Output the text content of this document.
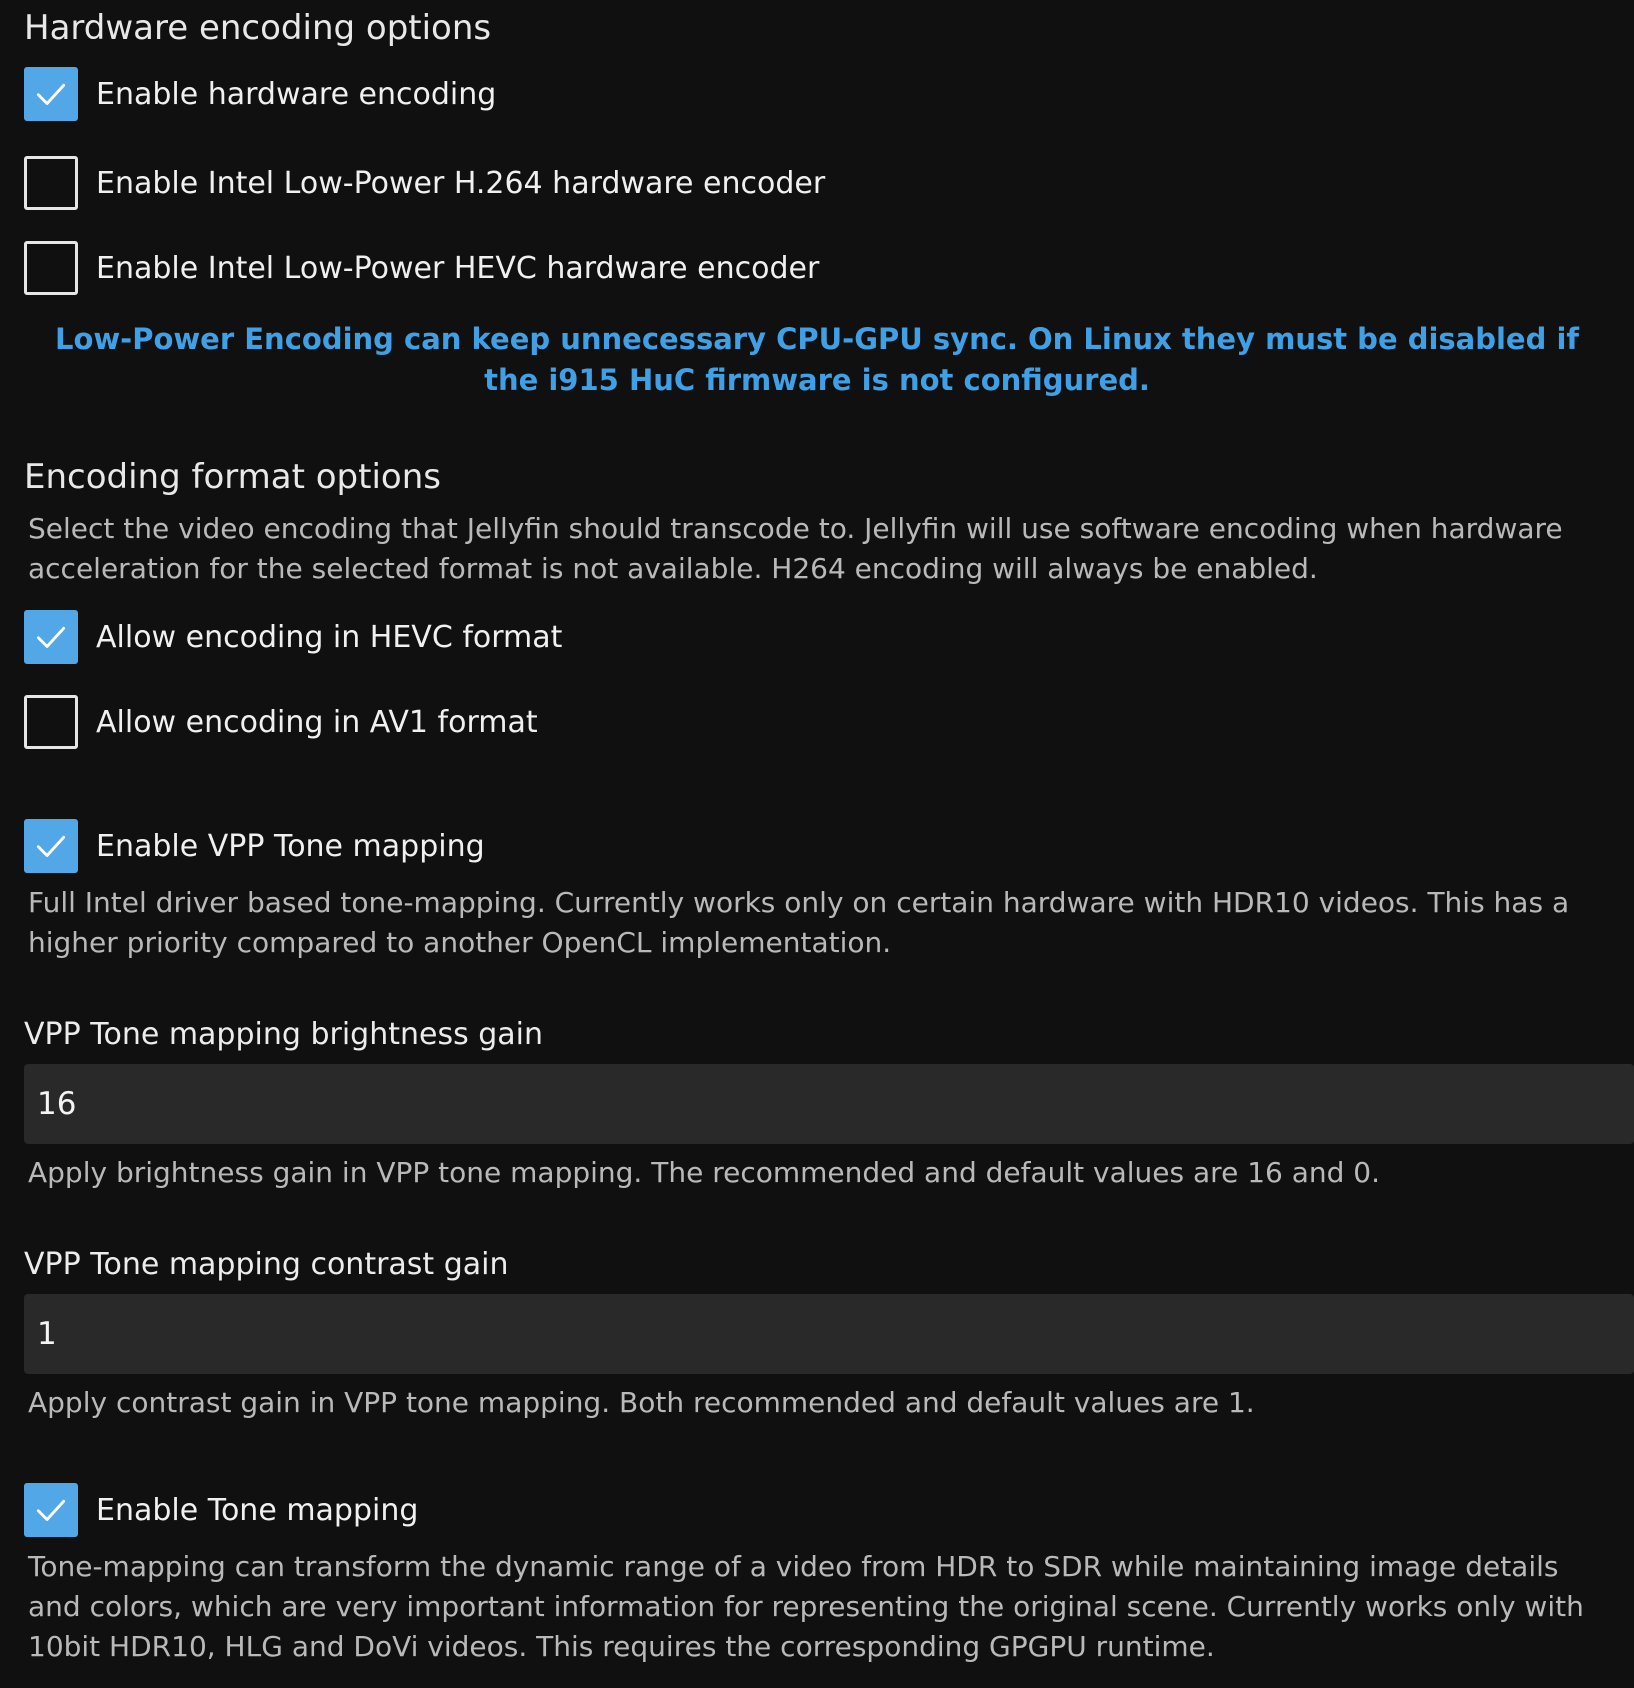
Hardware encoding options
Enable hardware encoding
Enable Intel Low-Power H.264 hardware encoder
Enable Intel Low-Power HEVC hardware encoder
Low-Power Encoding can keep unnecessary CPU-GPU sync. On Linux they must be disabled if the i915 HuC firmware is not configured.
Encoding format options
Select the video encoding that Jellyfin should transcode to. Jellyfin will use software encoding when hardware acceleration for the selected format is not available. H264 encoding will always be enabled.
Allow encoding in HEVC format
Allow encoding in AV1 format
Enable VPP Tone mapping
Full Intel driver based tone-mapping. Currently works only on certain hardware with HDR10 videos. This has a higher priority compared to another OpenCL implementation.
VPP Tone mapping brightness gain
16
Apply brightness gain in VPP tone mapping. The recommended and default values are 16 and 0.
VPP Tone mapping contrast gain
1
Apply contrast gain in VPP tone mapping. Both recommended and default values are 1.
Enable Tone mapping
Tone-mapping can transform the dynamic range of a video from HDR to SDR while maintaining image details and colors, which are very important information for representing the original scene. Currently works only with 10bit HDR10, HLG and DoVi videos. This requires the corresponding GPGPU runtime.
